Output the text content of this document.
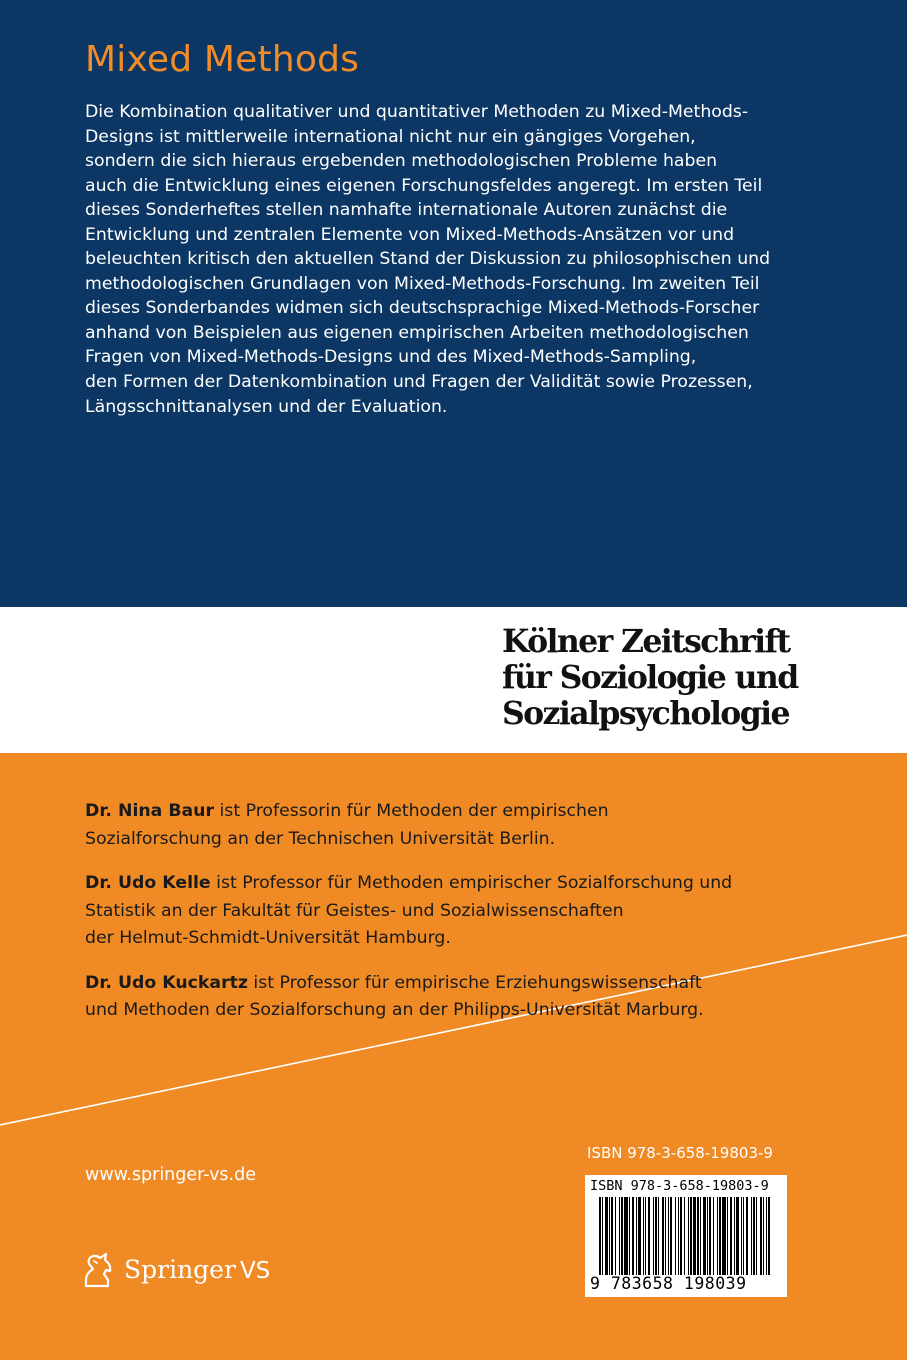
Mixed Methods

Die Kombination qualitativer und quantitativer Methoden zu Mixed-Methods-
Designs ist mittlerweile international nicht nur ein gängiges Vorgehen,
sondern die sich hieraus ergebenden methodologischen Probleme haben
auch die Entwicklung eines eigenen Forschungsfeldes angeregt. Im ersten Teil
dieses Sonderheftes stellen namhafte internationale Autoren zunächst die
Entwicklung und zentralen Elemente von Mixed-Methods-Ansätzen vor und
beleuchten kritisch den aktuellen Stand der Diskussion zu philosophischen und
methodologischen Grundlagen von Mixed-Methods-Forschung. Im zweiten Teil
dieses Sonderbandes widmen sich deutschsprachige Mixed-Methods-Forscher
anhand von Beispielen aus eigenen empirischen Arbeiten methodologischen
Fragen von Mixed-Methods-Designs und des Mixed-Methods-Sampling,
den Formen der Datenkombination und Fragen der Validität sowie Prozessen,
Längsschnittanalysen und der Evaluation.

Kölner Zeitschrift
für Soziologie und
Sozialpsychologie

Dr. Nina Baur ist Professorin für Methoden der empirischen
Sozialforschung an der Technischen Universität Berlin.

Dr. Udo Kelle ist Professor für Methoden empirischer Sozialforschung und
Statistik an der Fakultät für Geistes- und Sozialwissenschaften
der Helmut-Schmidt-Universität Hamburg.

Dr. Udo Kuckartz ist Professor für empirische Erziehungswissenschaft
und Methoden der Sozialforschung an der Philipps-Universität Marburg.

www.springer-vs.de
Springer VS
ISBN 978-3-658-19803-9
ISBN 978-3-658-19803-9
9 783658 198039
